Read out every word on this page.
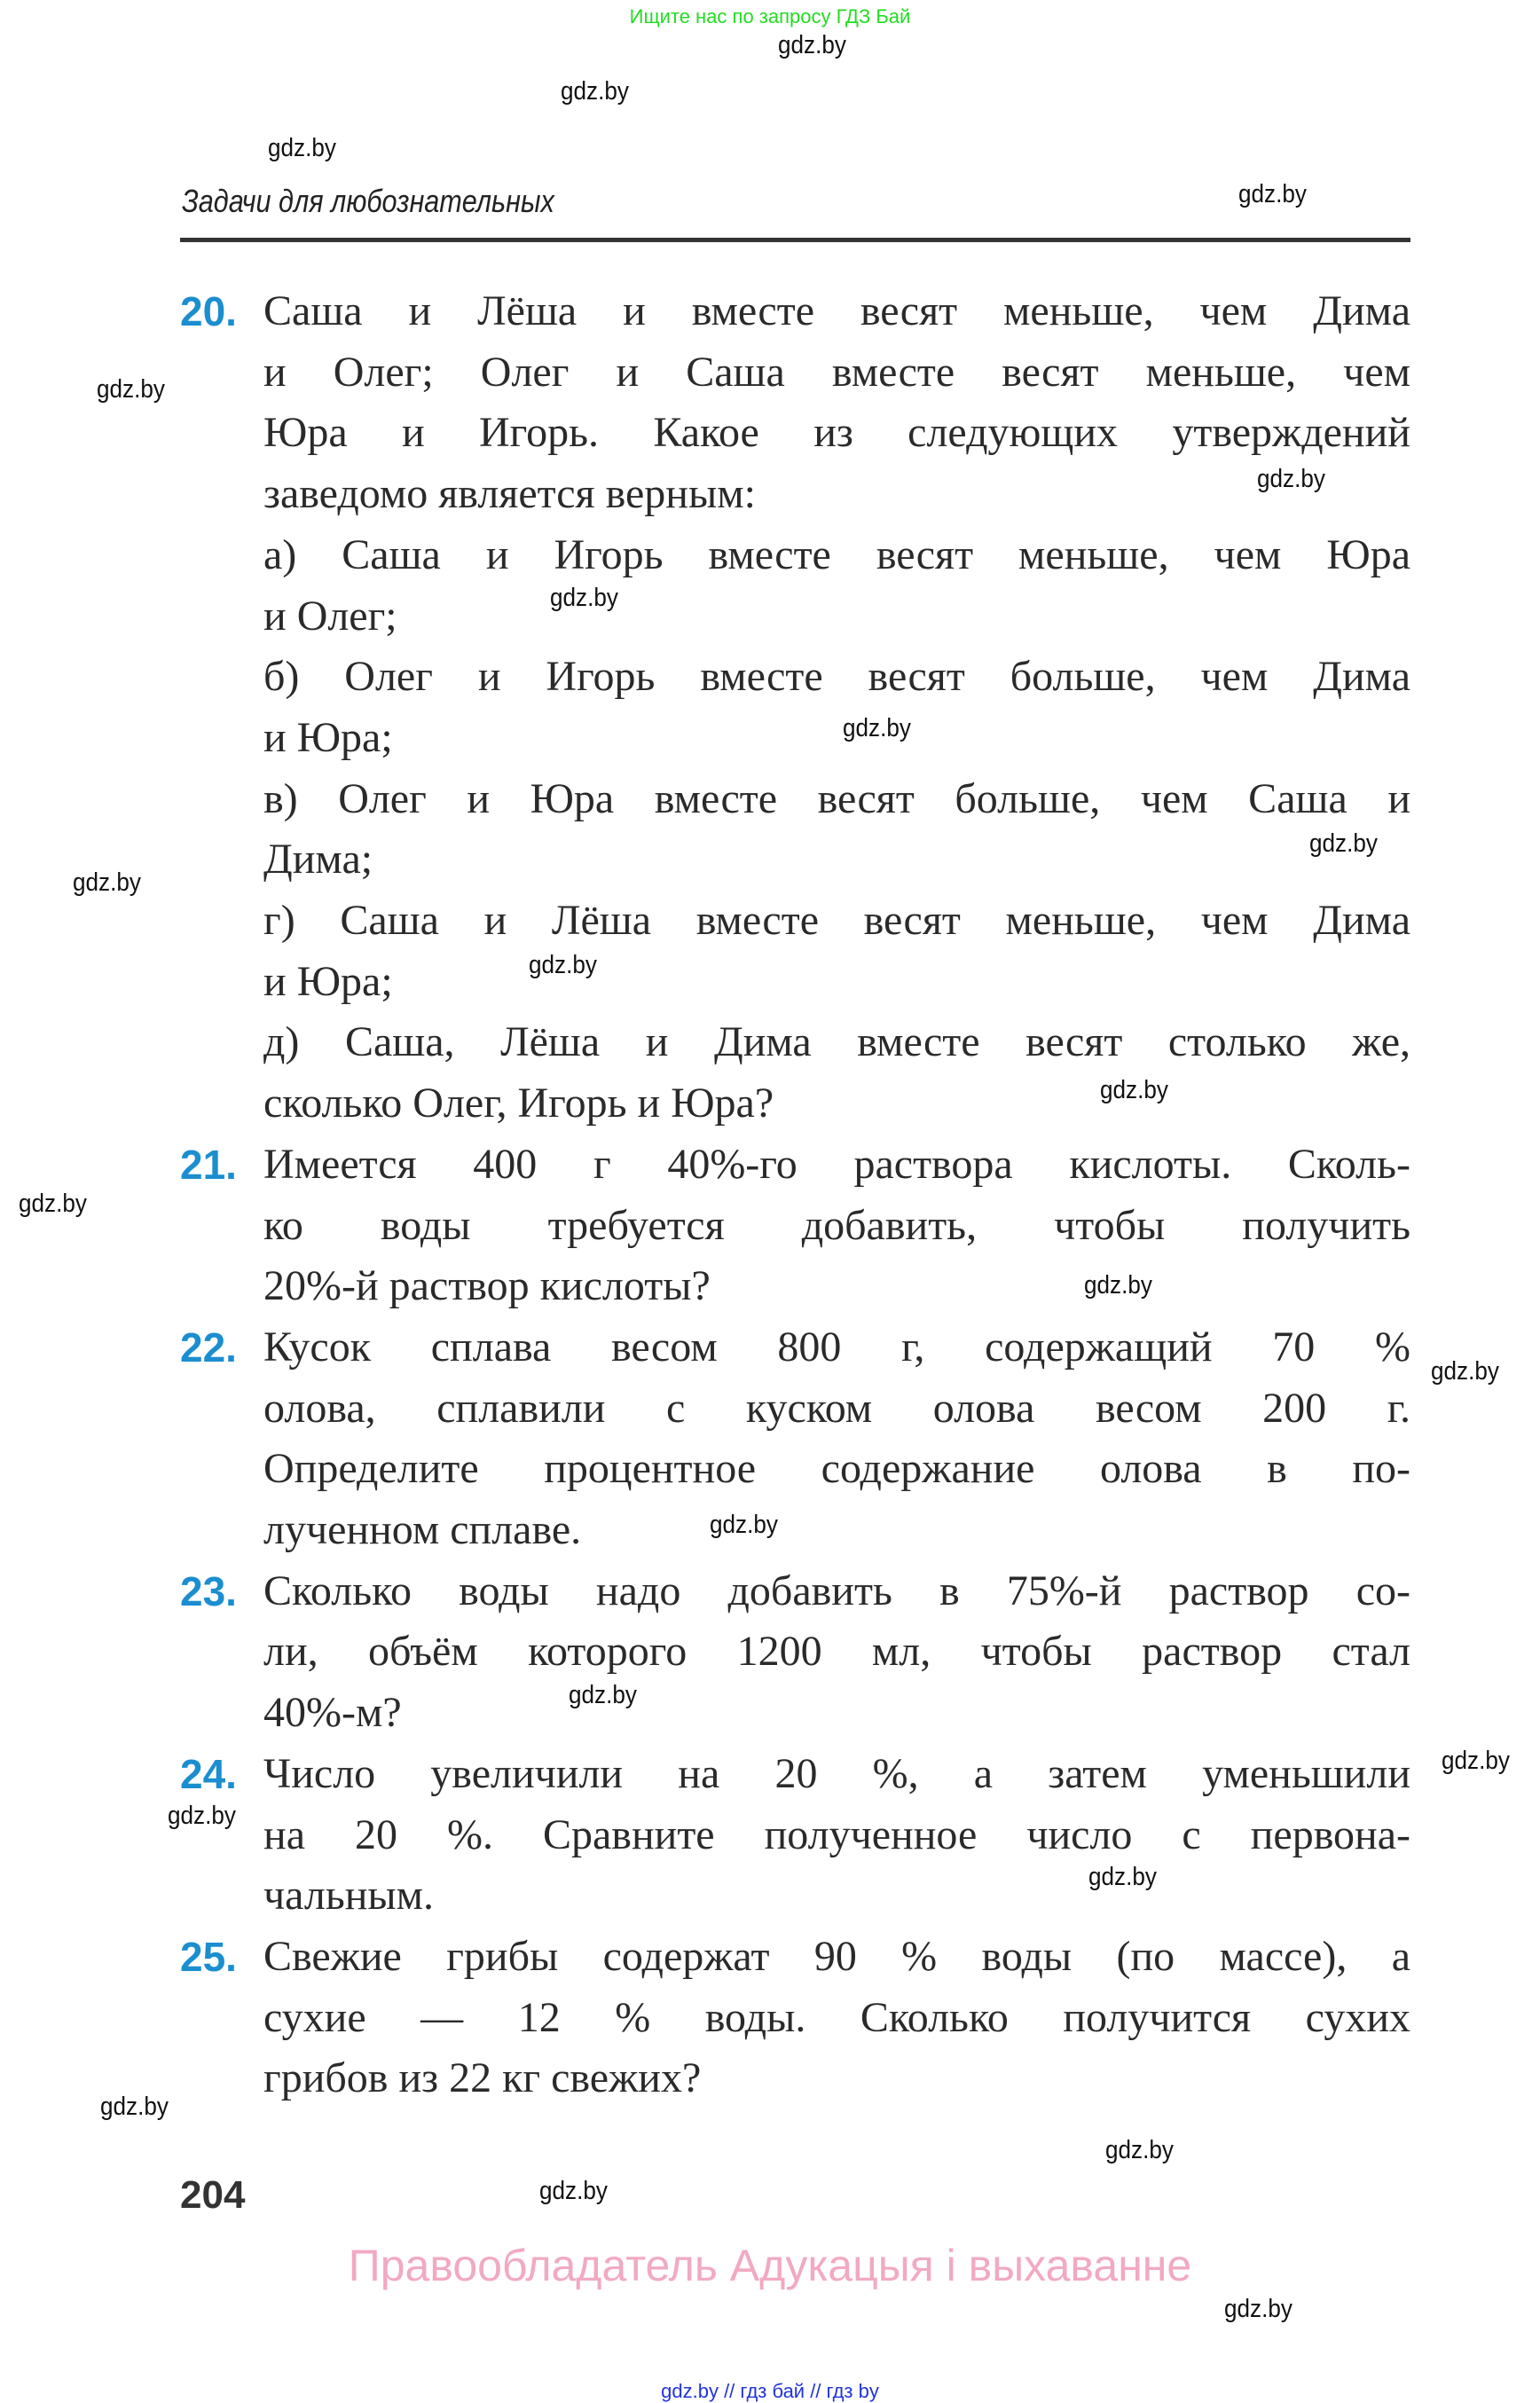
Ищите нас по запросу ГДЗ Бай
Задачи для любознательных
gdz.by
gdz.by
gdz.by
gdz.by
gdz.by
gdz.by
gdz.by
gdz.by
gdz.by
gdz.by
gdz.by
gdz.by
gdz.by
gdz.by
gdz.by
gdz.by
gdz.by
gdz.by
gdz.by
gdz.by
gdz.by
gdz.by
gdz.by
gdz.by
20. Саша и Лёша и вместе весят меньше, чем Дима
и Олег; Олег и Саша вместе весят меньше, чем
Юра и Игорь. Какое из следующих утверждений
заведомо является верным:
а) Саша и Игорь вместе весят меньше, чем Юра
и Олег;
б) Олег и Игорь вместе весят больше, чем Дима
и Юра;
в) Олег и Юра вместе весят больше, чем Саша и
Дима;
г) Саша и Лёша вместе весят меньше, чем Дима
и Юра;
д) Саша, Лёша и Дима вместе весят столько же,
сколько Олег, Игорь и Юра?
21. Имеется 400 г 40%-го раствора кислоты. Сколь-
ко воды требуется добавить, чтобы получить
20%-й раствор кислоты?
22. Кусок сплава весом 800 г, содержащий 70 %
олова, сплавили с куском олова весом 200 г.
Определите процентное содержание олова в по-
лученном сплаве.
23. Сколько воды надо добавить в 75%-й раствор со-
ли, объём которого 1200 мл, чтобы раствор стал
40%-м?
24. Число увеличили на 20 %, а затем уменьшили
на 20 %. Сравните полученное число с первона-
чальным.
25. Свежие грибы содержат 90 % воды (по массе), а
сухие — 12 % воды. Сколько получится сухих
грибов из 22 кг свежих?
204
Правообладатель Адукацыя і выхаванне
gdz.by // гдз бай // гдз by
